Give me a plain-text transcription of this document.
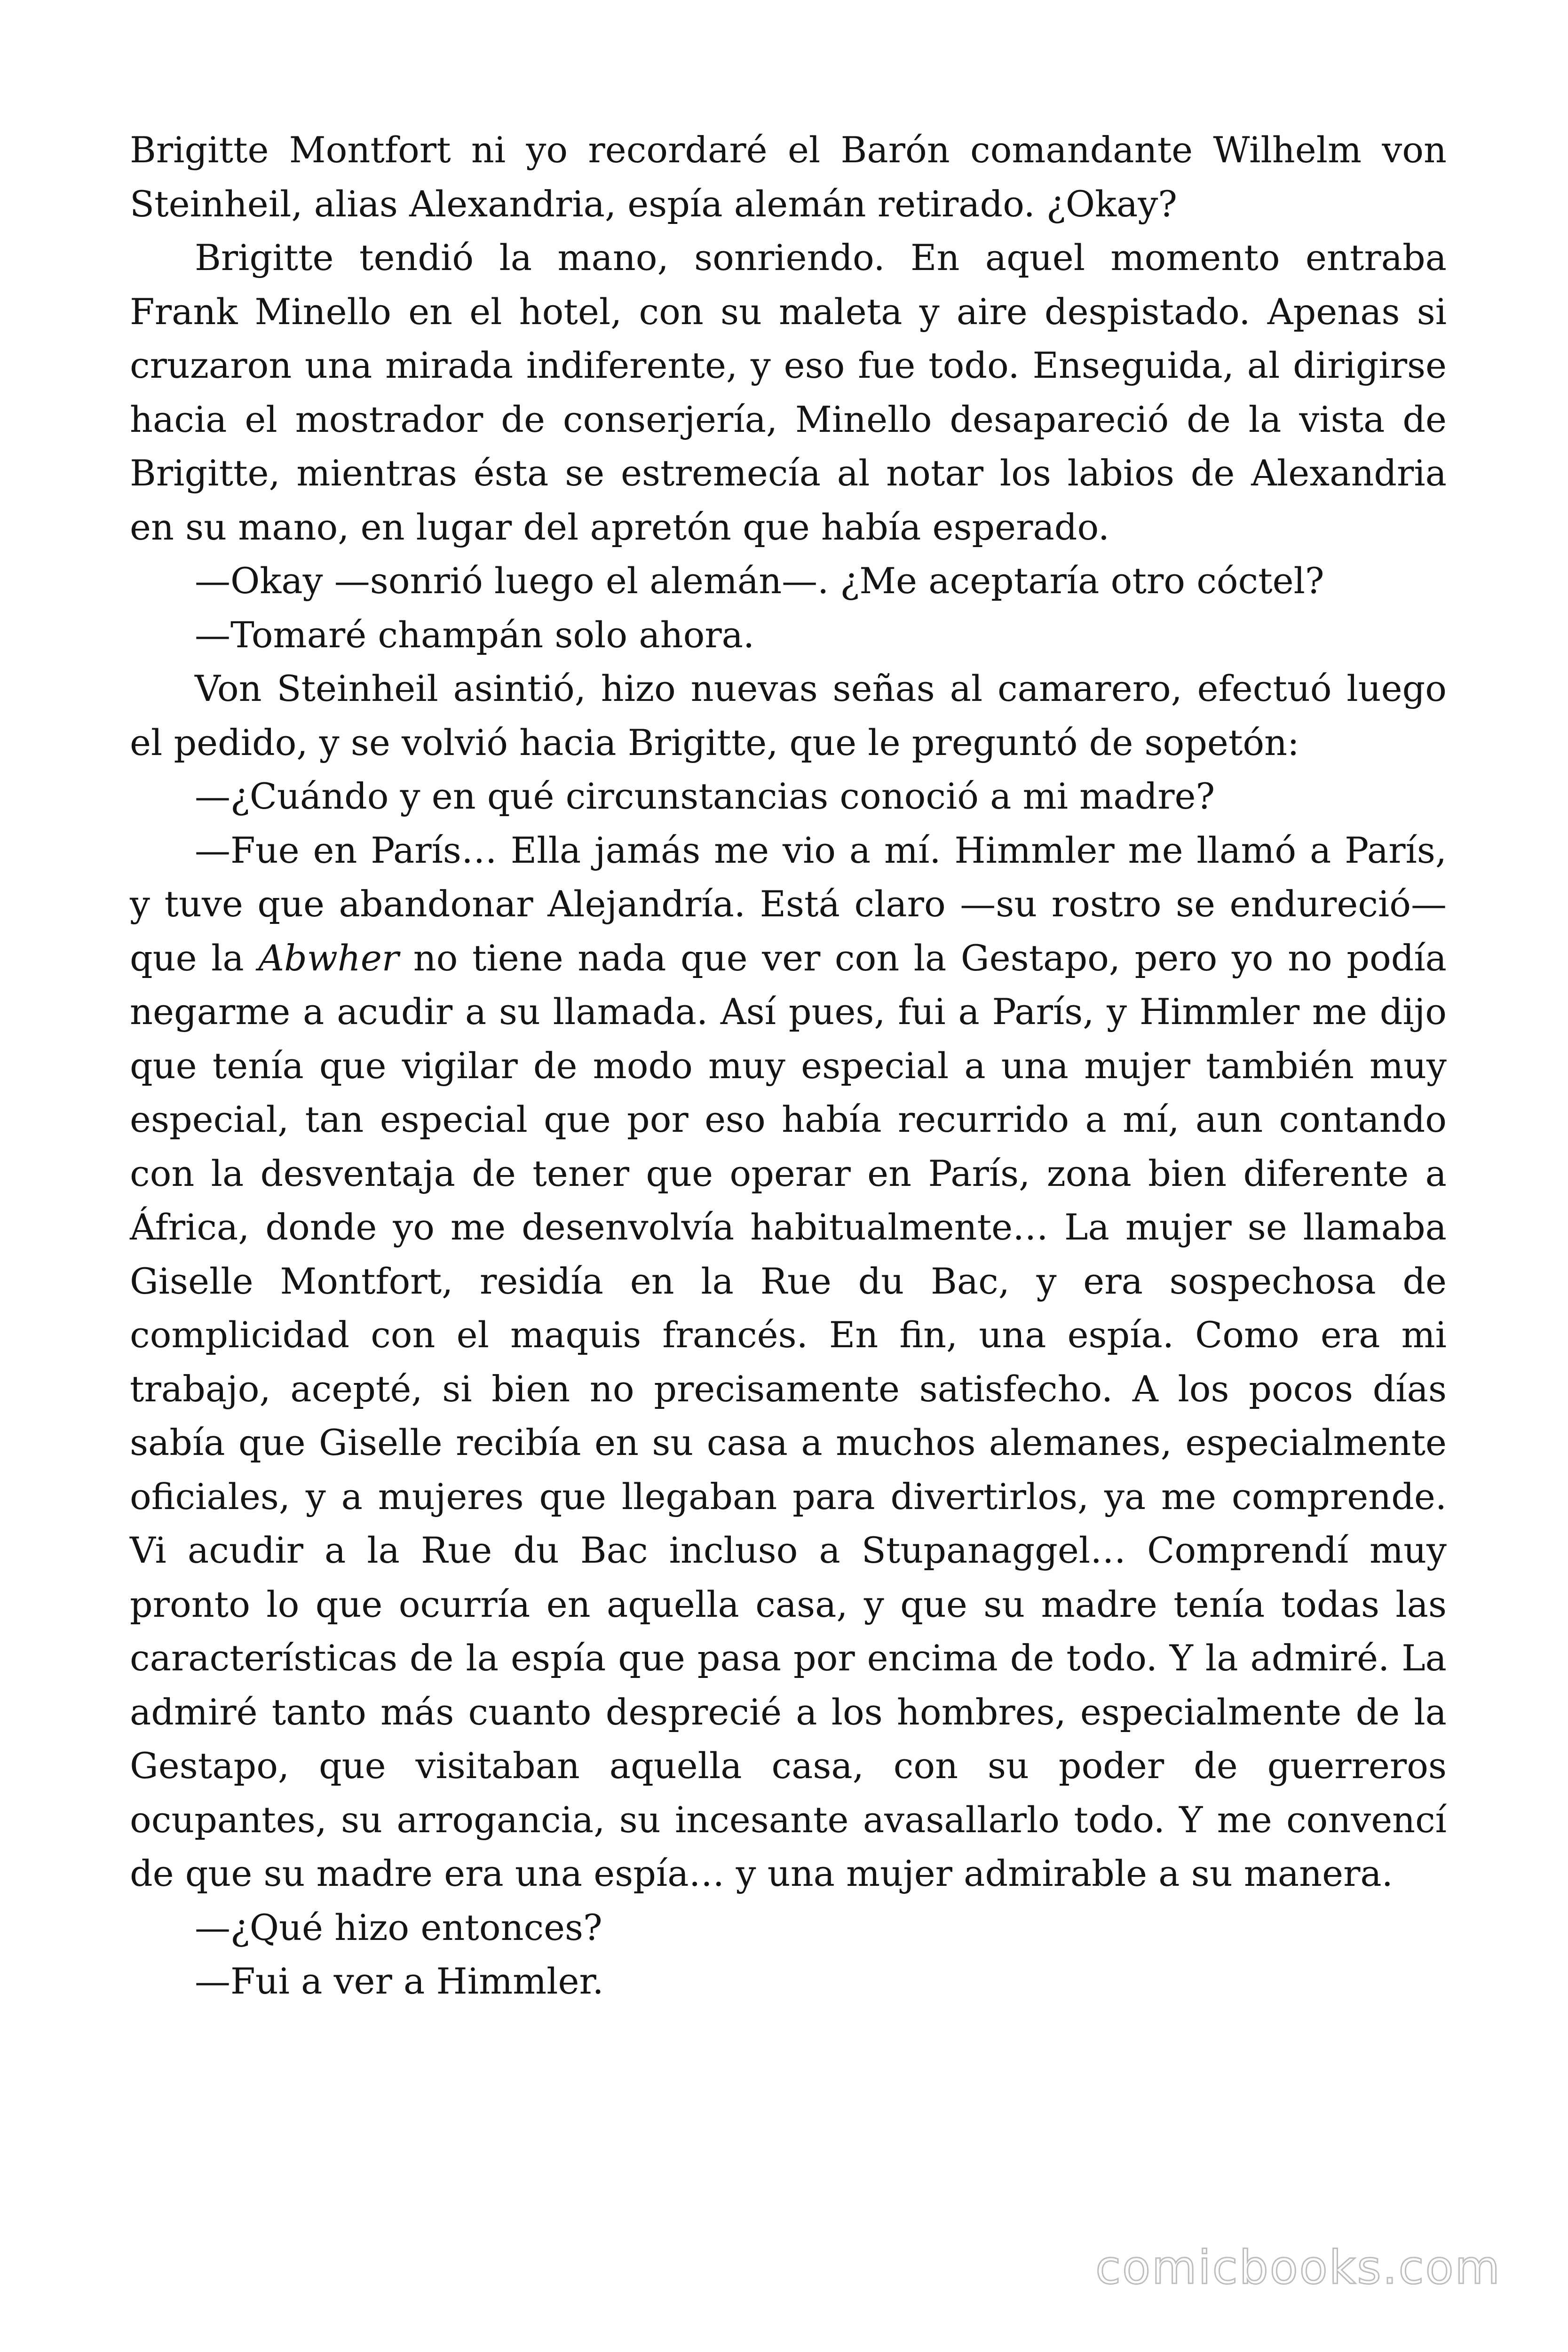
Brigitte Montfort ni yo recordaré el Barón comandante Wilhelm von Steinheil, alias Alexandria, espía alemán retirado. ¿Okay?

Brigitte tendió la mano, sonriendo. En aquel momento entraba Frank Minello en el hotel, con su maleta y aire despistado. Apenas si cruzaron una mirada indiferente, y eso fue todo. Enseguida, al dirigirse hacia el mostrador de conserjería, Minello desapareció de la vista de Brigitte, mientras ésta se estremecía al notar los labios de Alexandria en su mano, en lugar del apretón que había esperado.

—Okay —sonrió luego el alemán—. ¿Me aceptaría otro cóctel?

—Tomaré champán solo ahora.

Von Steinheil asintió, hizo nuevas señas al camarero, efectuó luego el pedido, y se volvió hacia Brigitte, que le preguntó de sopetón:

—¿Cuándo y en qué circunstancias conoció a mi madre?

—Fue en París… Ella jamás me vio a mí. Himmler me llamó a París, y tuve que abandonar Alejandría. Está claro —su rostro se endureció— que la Abwher no tiene nada que ver con la Gestapo, pero yo no podía negarme a acudir a su llamada. Así pues, fui a París, y Himmler me dijo que tenía que vigilar de modo muy especial a una mujer también muy especial, tan especial que por eso había recurrido a mí, aun contando con la desventaja de tener que operar en París, zona bien diferente a África, donde yo me desenvolvía habitualmente… La mujer se llamaba Giselle Montfort, residía en la Rue du Bac, y era sospechosa de complicidad con el maquis francés. En fin, una espía. Como era mi trabajo, acepté, si bien no precisamente satisfecho. A los pocos días sabía que Giselle recibía en su casa a muchos alemanes, especialmente oficiales, y a mujeres que llegaban para divertirlos, ya me comprende. Vi acudir a la Rue du Bac incluso a Stupanaggel… Comprendí muy pronto lo que ocurría en aquella casa, y que su madre tenía todas las características de la espía que pasa por encima de todo. Y la admiré. La admiré tanto más cuanto desprecié a los hombres, especialmente de la Gestapo, que visitaban aquella casa, con su poder de guerreros ocupantes, su arrogancia, su incesante avasallarlo todo. Y me convencí de que su madre era una espía… y una mujer admirable a su manera.

—¿Qué hizo entonces?

—Fui a ver a Himmler.

comicbooks.com
